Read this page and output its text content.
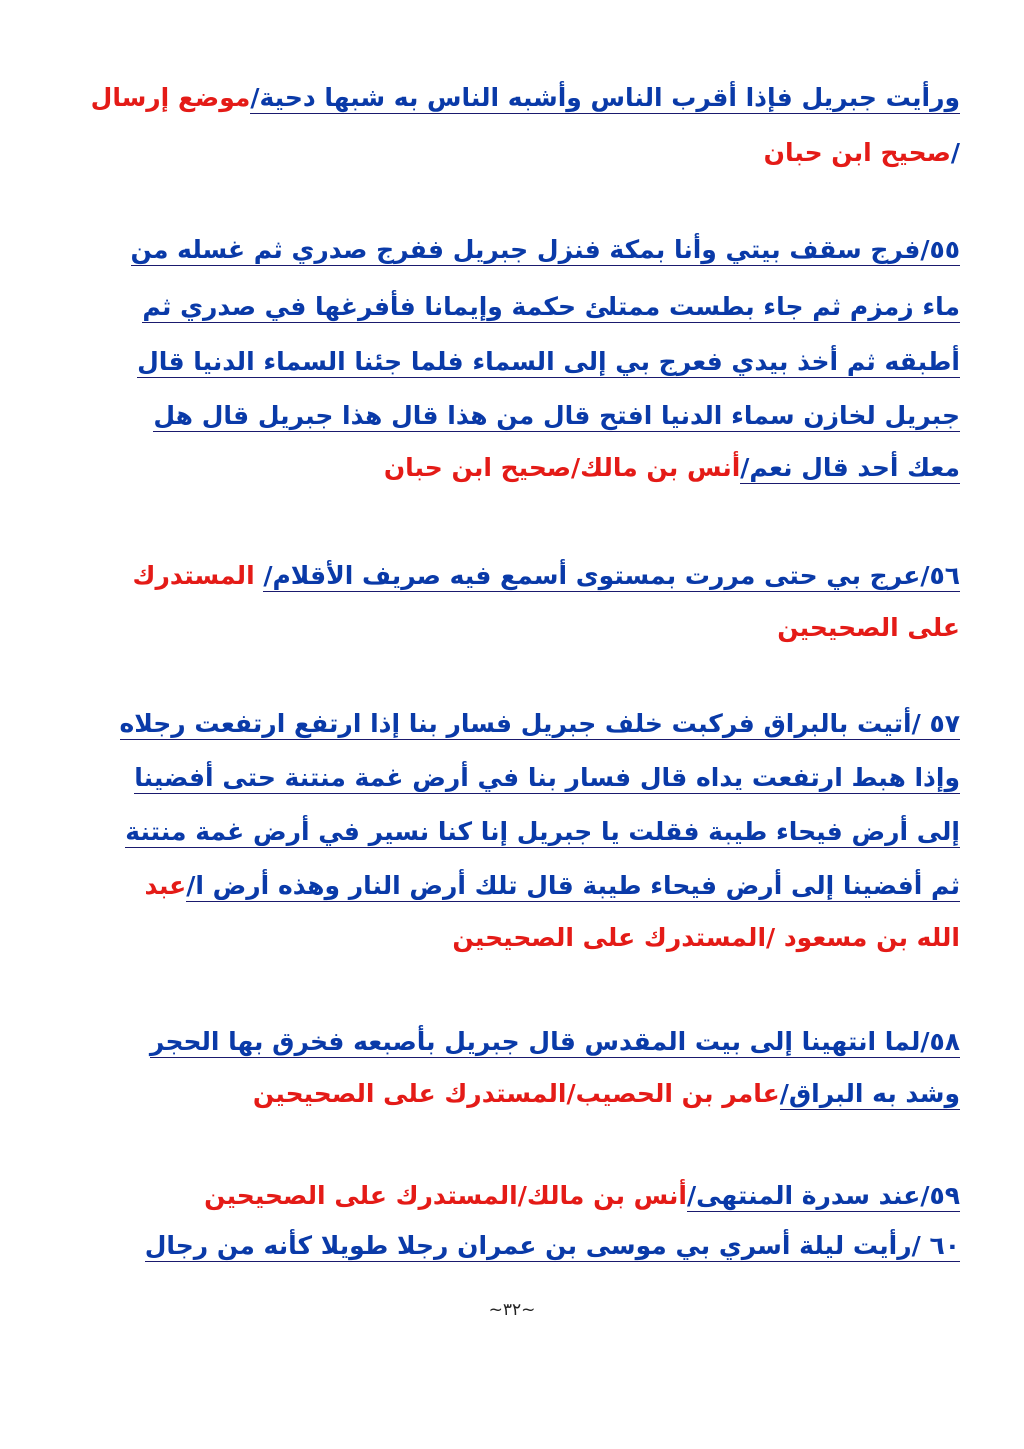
ورأيت جبريل فإذا أقرب الناس وأشبه الناس به شبها دحية/موضع إرسال
/صحيح ابن حبان
٥٥/فرج سقف بيتي وأنا بمكة فنزل جبريل ففرج صدري ثم غسله من
ماء زمزم ثم جاء بطست ممتلئ حكمة وإيمانا فأفرغها في صدري ثم
أطبقه ثم أخذ بيدي فعرج بي إلى السماء فلما جئنا السماء الدنيا قال
جبريل لخازن سماء الدنيا افتح قال من هذا قال هذا جبريل قال هل
معك أحد قال نعم/أنس بن مالك/صحيح ابن حبان
٥٦/عرج بي حتى مررت بمستوى أسمع فيه صريف الأقلام/ المستدرك
على الصحيحين
٥٧ /أتيت بالبراق فركبت خلف جبريل فسار بنا إذا ارتفع ارتفعت رجلاه
وإذا هبط ارتفعت يداه قال فسار بنا في أرض غمة منتنة حتى أفضينا
إلى أرض فيحاء طيبة فقلت يا جبريل إنا كنا نسير في أرض غمة منتنة
ثم أفضينا إلى أرض فيحاء طيبة قال تلك أرض النار وهذه أرض ا/عبد
الله بن مسعود /المستدرك على الصحيحين
٥٨/لما انتهينا إلى بيت المقدس قال جبريل بأصبعه فخرق بها الحجر
وشد به البراق/عامر بن الحصيب/المستدرك على الصحيحين
٥٩/عند سدرة المنتهى/أنس بن مالك/المستدرك على الصحيحين
٦٠ /رأيت ليلة أسري بي موسى بن عمران رجلا طويلا كأنه من رجال
~٣٢~
